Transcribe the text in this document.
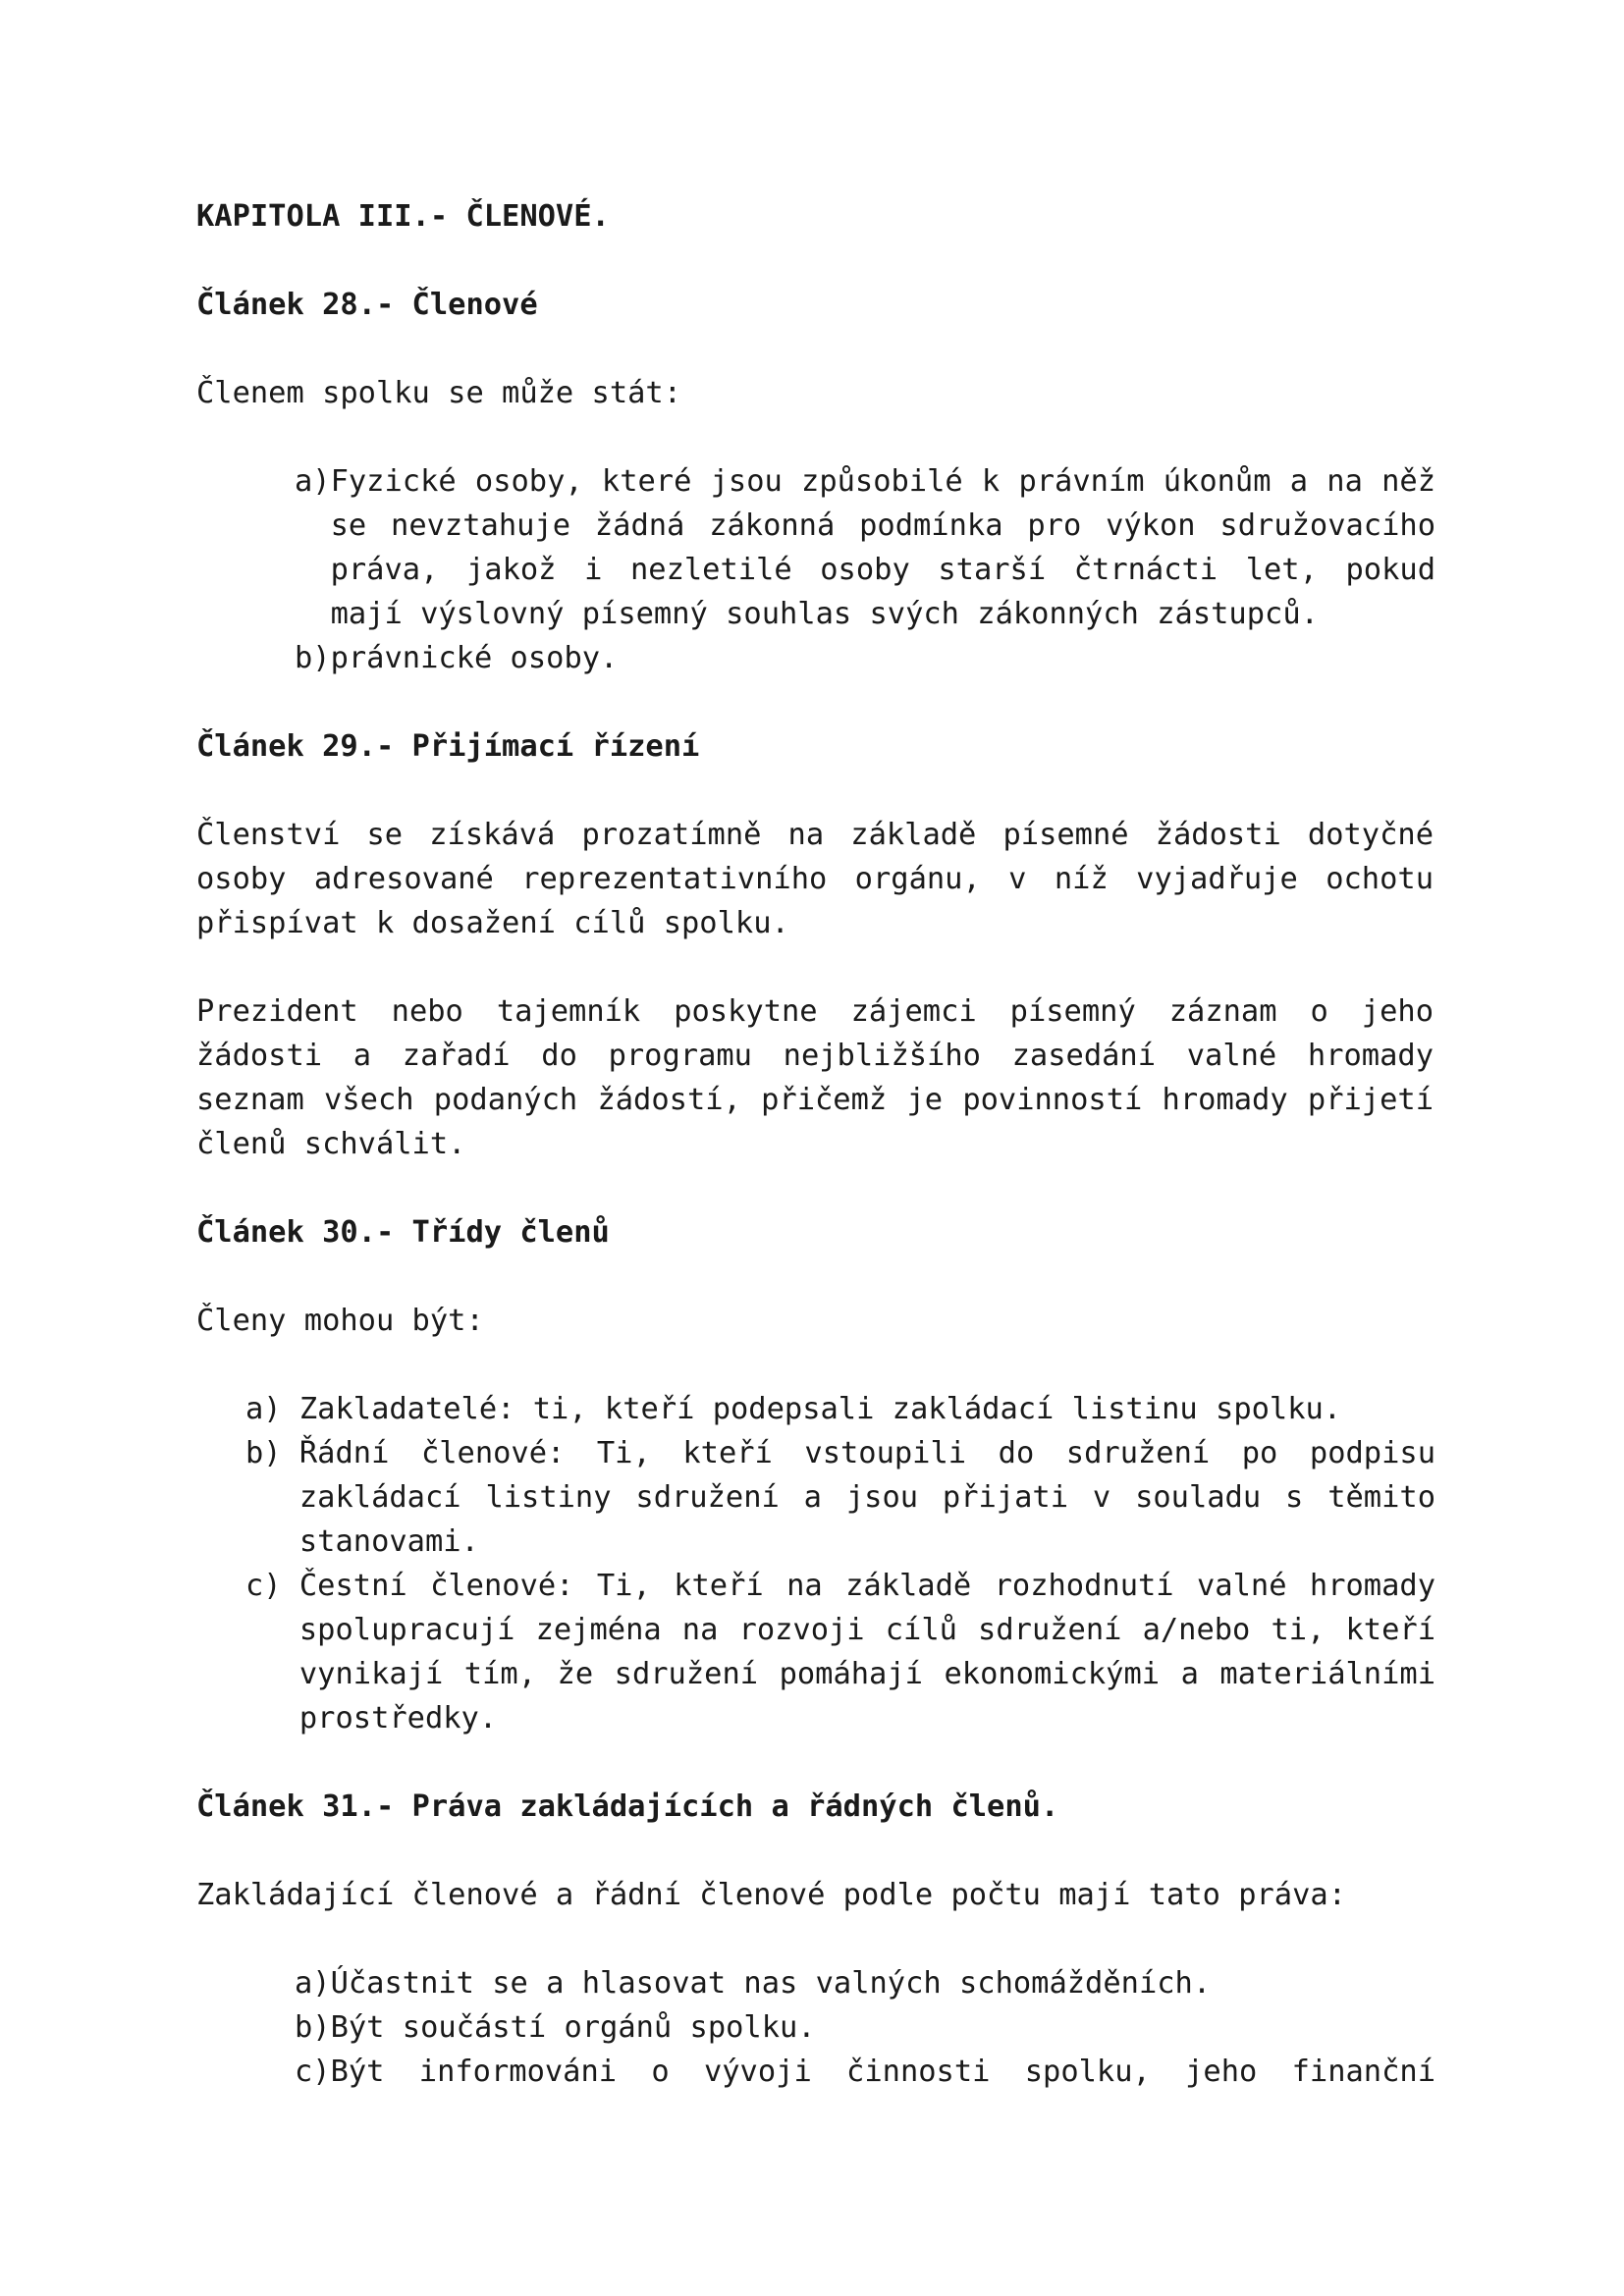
KAPITOLA III.- ČLENOVÉ.
Článek 28.- Členové
Členem spolku se může stát:
a) Fyzické osoby, které jsou způsobilé k právním úkonům a na něž se nevztahuje žádná zákonná podmínka pro výkon sdružovacího práva, jakož i nezletilé osoby starší čtrnácti let, pokud mají výslovný písemný souhlas svých zákonných zástupců.
b) právnické osoby.
Článek 29.- Přijímací řízení
Členství se získává prozatímně na základě písemné žádosti dotyčné osoby adresované reprezentativního orgánu, v níž vyjadřuje ochotu přispívat k dosažení cílů spolku.
Prezident nebo tajemník poskytne zájemci písemný záznam o jeho žádosti a zařadí do programu nejbližšího zasedání valné hromady seznam všech podaných žádostí, přičemž je povinností hromady přijetí členů schválit.
Článek 30.- Třídy členů
Členy mohou být:
a) Zakladatelé: ti, kteří podepsali zakládací listinu spolku.
b) Řádní členové: Ti, kteří vstoupili do sdružení po podpisu zakládací listiny sdružení a jsou přijati v souladu s těmito stanovami.
c) Čestní členové: Ti, kteří na základě rozhodnutí valné hromady spolupracují zejména na rozvoji cílů sdružení a/nebo ti, kteří vynikají tím, že sdružení pomáhají ekonomickými a materiálními prostředky.
Článek 31.- Práva zakládajících a řádných členů.
Zakládající členové a řádní členové podle počtu mají tato práva:
a) Účastnit se a hlasovat nas valných schomážděních.
b) Být součástí orgánů spolku.
c) Být informováni o vývoji činnosti spolku, jeho finanční
